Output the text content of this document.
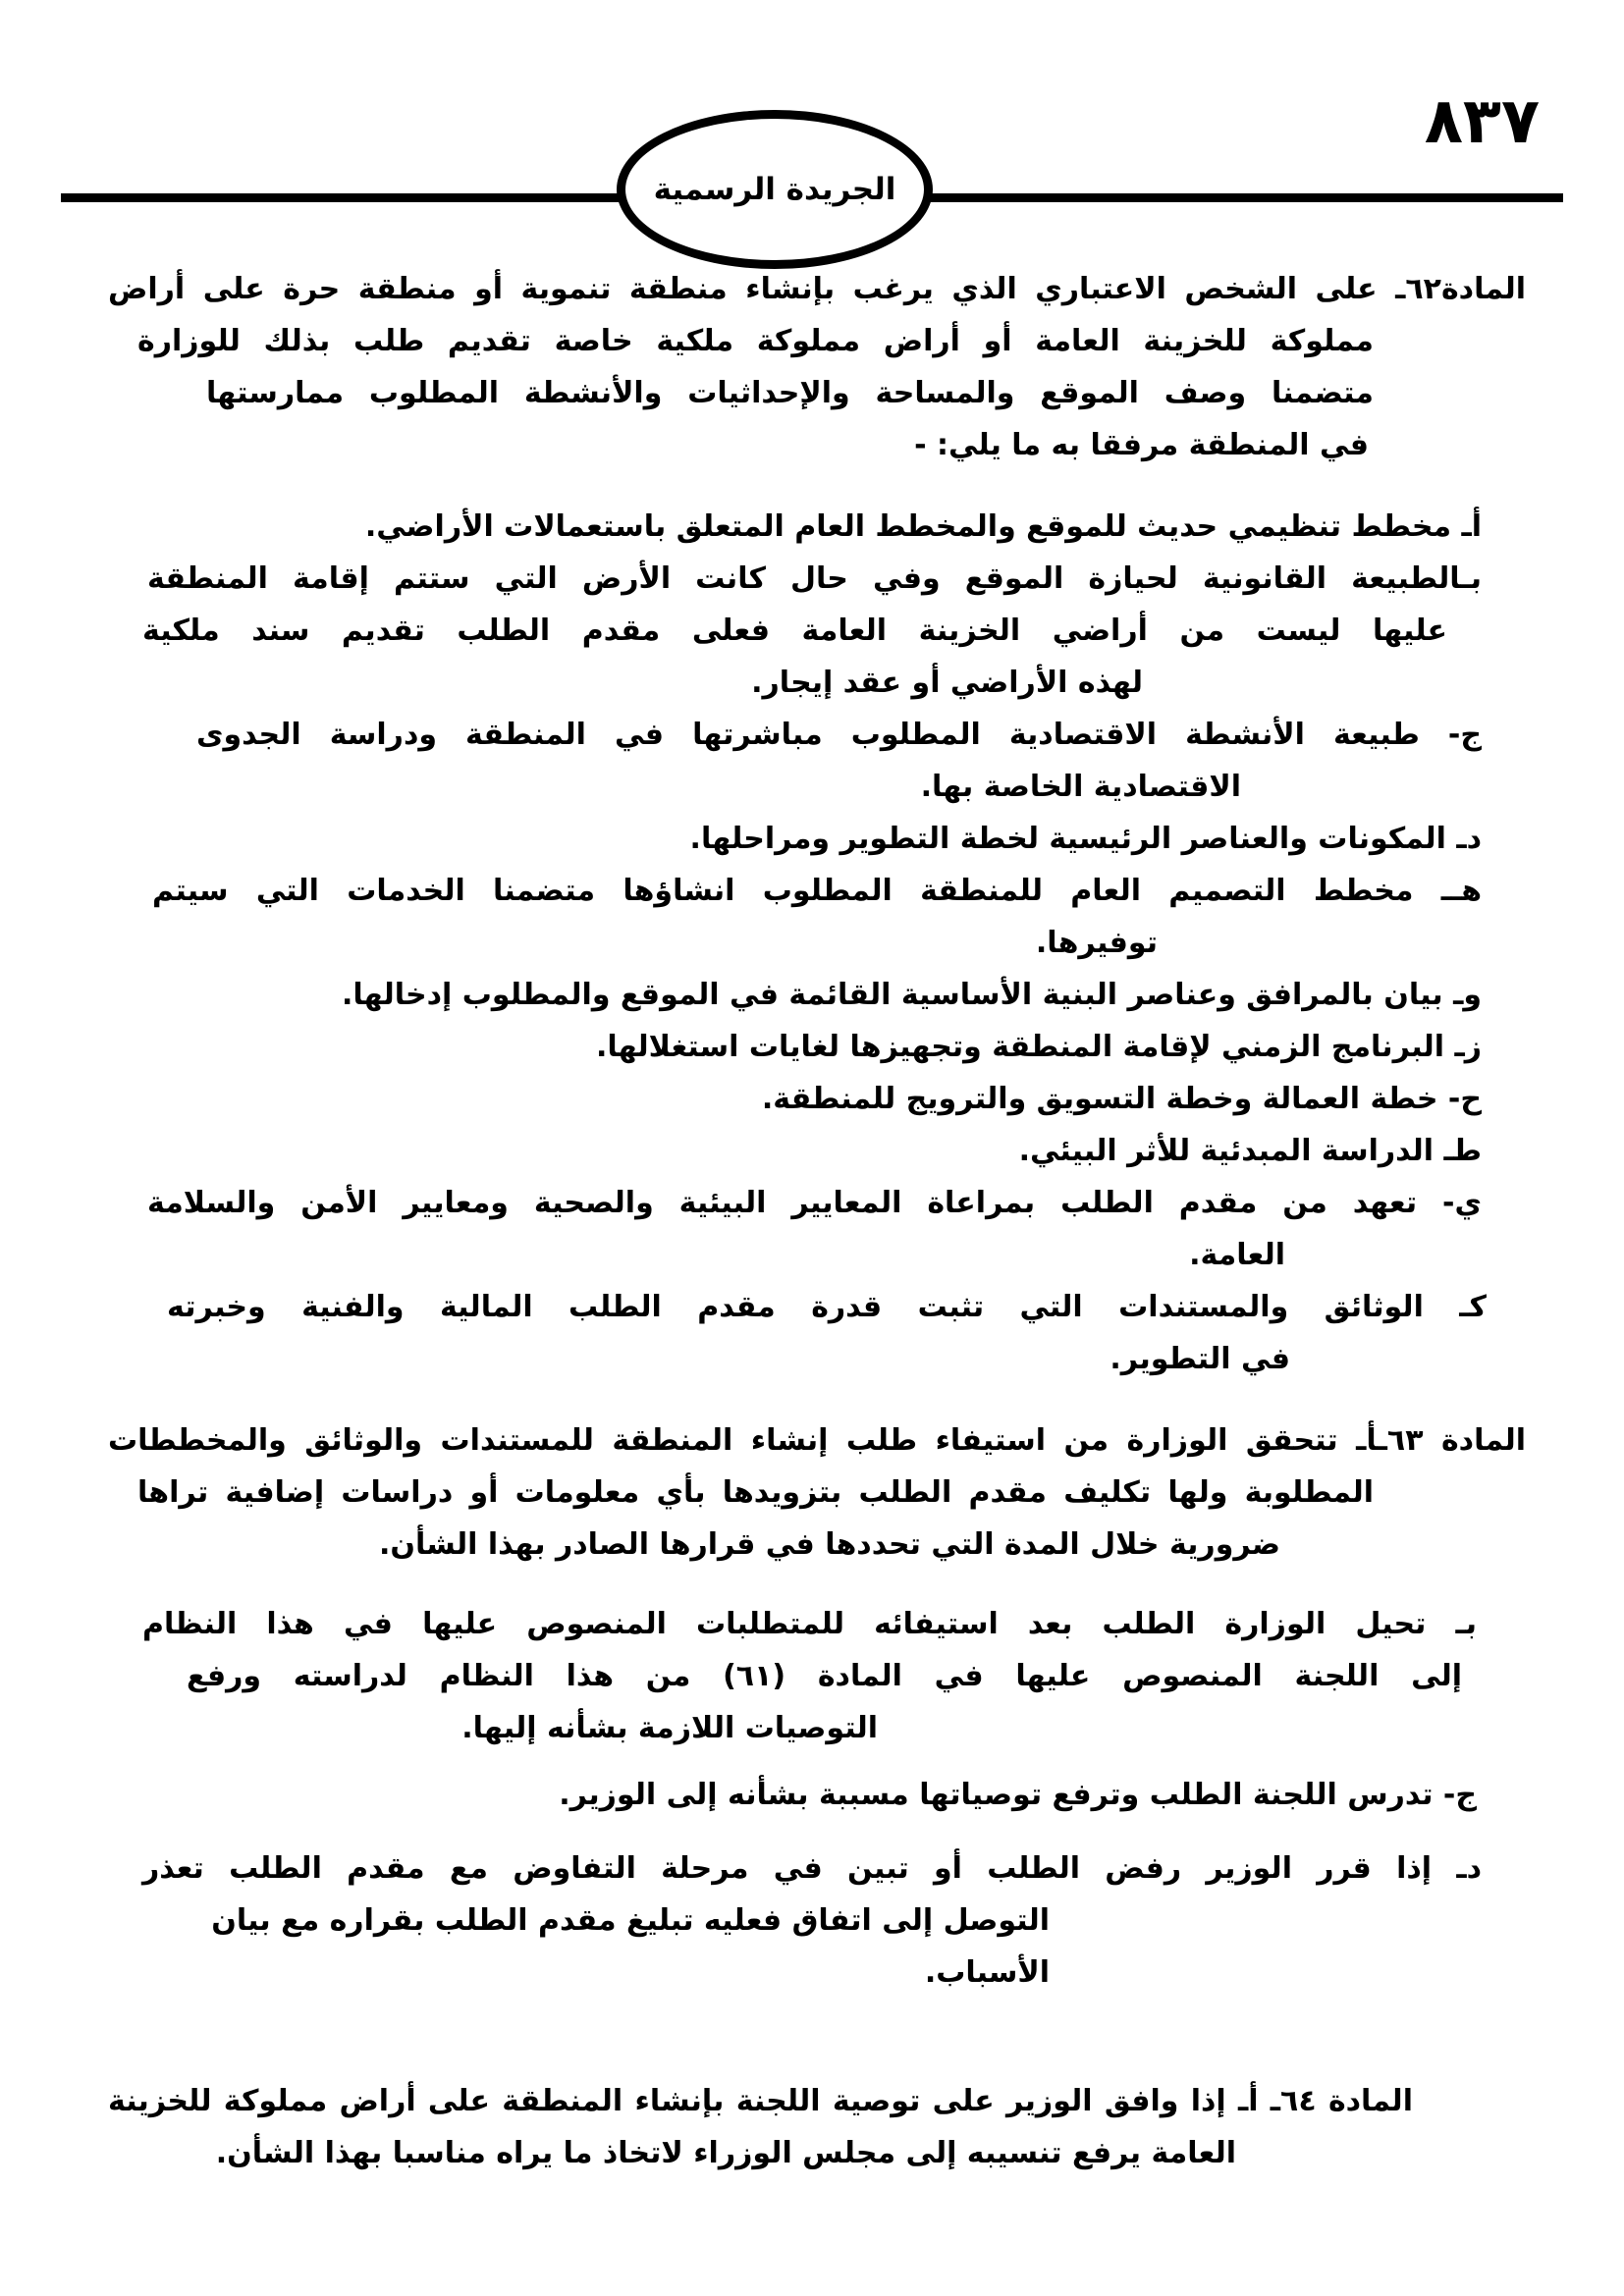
٨٣٧
الجريدة الرسمية

المادة٦٢ـ على الشخص الاعتباري الذي يرغب بإنشاء منطقة تنموية أو منطقة حرة على أراض

مملوكة للخزينة العامة أو أراض مملوكة ملكية خاصة تقديم طلب بذلك للوزارة

متضمنا وصف الموقع والمساحة والإحداثيات والأنشطة المطلوب ممارستها

في المنطقة مرفقا به ما يلي: -

أـ مخطط تنظيمي حديث للموقع والمخطط العام المتعلق باستعمالات الأراضي.

بـالطبيعة القانونية لحيازة الموقع وفي حال كانت الأرض التي ستتم إقامة المنطقة

عليها ليست من أراضي الخزينة العامة فعلى مقدم الطلب تقديم سند ملكية

لهذه الأراضي أو عقد إيجار.

ج- طبيعة الأنشطة الاقتصادية المطلوب مباشرتها في المنطقة ودراسة الجدوى

الاقتصادية الخاصة بها.

دـ المكونات والعناصر الرئيسية لخطة التطوير ومراحلها.

هــ مخطط التصميم العام للمنطقة المطلوب انشاؤها متضمنا الخدمات التي سيتم

توفيرها.

وـ بيان بالمرافق وعناصر البنية الأساسية القائمة في الموقع والمطلوب إدخالها.

زـ البرنامج الزمني لإقامة المنطقة وتجهيزها لغايات استغلالها.

ح- خطة العمالة وخطة التسويق والترويج للمنطقة.

طـ الدراسة المبدئية للأثر البيئي.

ي- تعهد من مقدم الطلب بمراعاة المعايير البيئية والصحية ومعايير الأمن والسلامة

العامة.

كـ الوثائق والمستندات التي تثبت قدرة مقدم الطلب المالية والفنية وخبرته

في التطوير.

المادة ٦٣ـأـ تتحقق الوزارة من استيفاء طلب إنشاء المنطقة للمستندات والوثائق والمخططات

المطلوبة ولها تكليف مقدم الطلب بتزويدها بأي معلومات أو دراسات إضافية تراها

ضرورية خلال المدة التي تحددها في قرارها الصادر بهذا الشأن.

بـ تحيل الوزارة الطلب بعد استيفائه للمتطلبات المنصوص عليها في هذا النظام

إلى اللجنة المنصوص عليها في المادة (٦١) من هذا النظام لدراسته ورفع

التوصيات اللازمة بشأنه إليها.

ج- تدرس اللجنة الطلب وترفع توصياتها مسببة بشأنه إلى الوزير.

دـ إذا قرر الوزير رفض الطلب أو تبين في مرحلة التفاوض مع مقدم الطلب تعذر

التوصل إلى اتفاق فعليه تبليغ مقدم الطلب بقراره مع بيان الأسباب.

المادة ٦٤ـ أـ إذا وافق الوزير على توصية اللجنة بإنشاء المنطقة على أراض مملوكة للخزينة

العامة يرفع تنسيبه إلى مجلس الوزراء لاتخاذ ما يراه مناسبا بهذا الشأن.
